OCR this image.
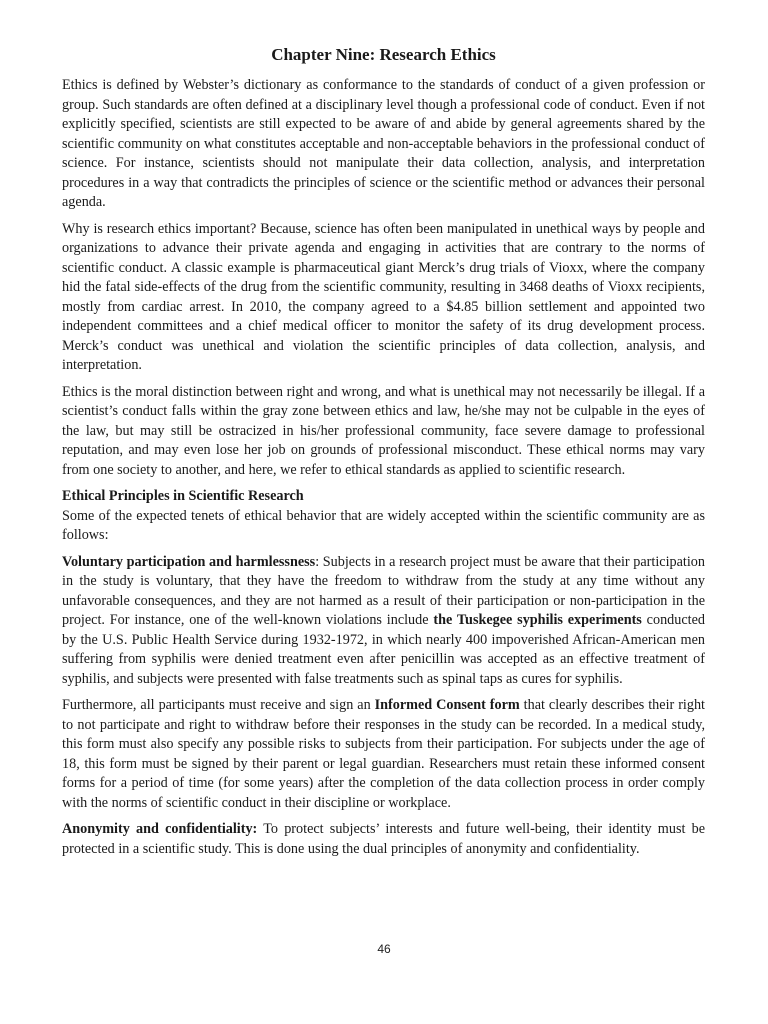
Chapter Nine: Research Ethics

Ethics is defined by Webster’s dictionary as conformance to the standards of conduct of a given profession or group. Such standards are often defined at a disciplinary level though a professional code of conduct. Even if not explicitly specified, scientists are still expected to be aware of and abide by general agreements shared by the scientific community on what constitutes acceptable and non-acceptable behaviors in the professional conduct of science. For instance, scientists should not manipulate their data collection, analysis, and interpretation procedures in a way that contradicts the principles of science or the scientific method or advances their personal agenda.

Why is research ethics important? Because, science has often been manipulated in unethical ways by people and organizations to advance their private agenda and engaging in activities that are contrary to the norms of scientific conduct. A classic example is pharmaceutical giant Merck’s drug trials of Vioxx, where the company hid the fatal side-effects of the drug from the scientific community, resulting in 3468 deaths of Vioxx recipients, mostly from cardiac arrest. In 2010, the company agreed to a $4.85 billion settlement and appointed two independent committees and a chief medical officer to monitor the safety of its drug development process. Merck’s conduct was unethical and violation the scientific principles of data collection, analysis, and interpretation.

Ethics is the moral distinction between right and wrong, and what is unethical may not necessarily be illegal. If a scientist’s conduct falls within the gray zone between ethics and law, he/she may not be culpable in the eyes of the law, but may still be ostracized in his/her professional community, face severe damage to professional reputation, and may even lose her job on grounds of professional misconduct. These ethical norms may vary from one society to another, and here, we refer to ethical standards as applied to scientific research.

Ethical Principles in Scientific Research

Some of the expected tenets of ethical behavior that are widely accepted within the scientific community are as follows:

Voluntary participation and harmlessness: Subjects in a research project must be aware that their participation in the study is voluntary, that they have the freedom to withdraw from the study at any time without any unfavorable consequences, and they are not harmed as a result of their participation or non-participation in the project. For instance, one of the well-known violations include the Tuskegee syphilis experiments conducted by the U.S. Public Health Service during 1932-1972, in which nearly 400 impoverished African-American men suffering from syphilis were denied treatment even after penicillin was accepted as an effective treatment of syphilis, and subjects were presented with false treatments such as spinal taps as cures for syphilis.

Furthermore, all participants must receive and sign an Informed Consent form that clearly describes their right to not participate and right to withdraw before their responses in the study can be recorded. In a medical study, this form must also specify any possible risks to subjects from their participation. For subjects under the age of 18, this form must be signed by their parent or legal guardian. Researchers must retain these informed consent forms for a period of time (for some years) after the completion of the data collection process in order comply with the norms of scientific conduct in their discipline or workplace.

Anonymity and confidentiality: To protect subjects’ interests and future well-being, their identity must be protected in a scientific study. This is done using the dual principles of anonymity and confidentiality.

46
